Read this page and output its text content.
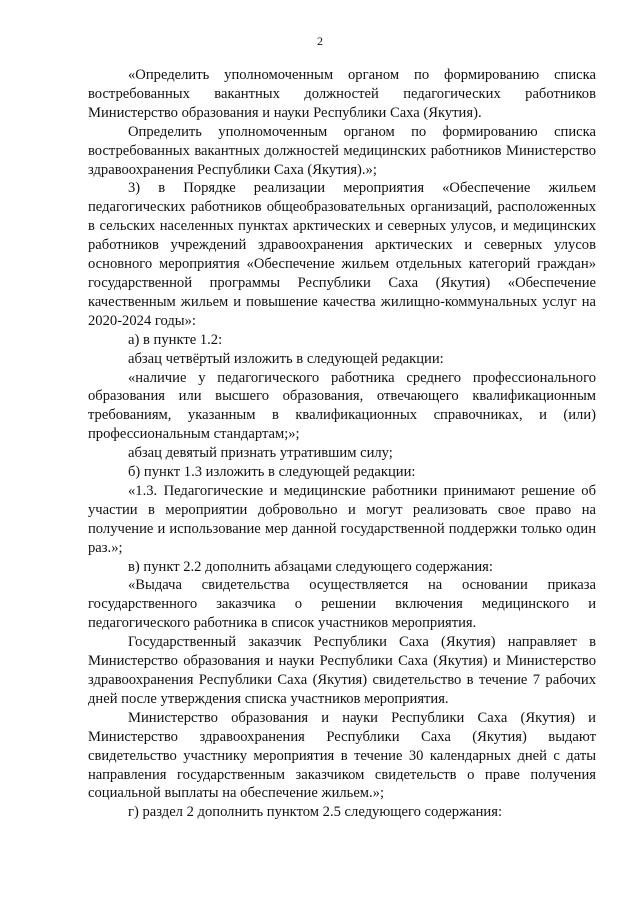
2

«Определить уполномоченным органом по формированию списка востребованных вакантных должностей педагогических работников Министерство образования и науки Республики Саха (Якутия).

Определить уполномоченным органом по формированию списка востребованных вакантных должностей медицинских работников Министерство здравоохранения Республики Саха (Якутия).»;

3) в Порядке реализации мероприятия «Обеспечение жильем педагогических работников общеобразовательных организаций, расположенных в сельских населенных пунктах арктических и северных улусов, и медицинских работников учреждений здравоохранения арктических и северных улусов основного мероприятия «Обеспечение жильем отдельных категорий граждан» государственной программы Республики Саха (Якутия) «Обеспечение качественным жильем и повышение качества жилищно-коммунальных услуг на 2020-2024 годы»:

а) в пункте 1.2:

абзац четвёртый изложить в следующей редакции:

«наличие у педагогического работника среднего профессионального образования или высшего образования, отвечающего квалификационным требованиям, указанным в квалификационных справочниках, и (или) профессиональным стандартам;»;

абзац девятый признать утратившим силу;

б) пункт 1.3 изложить в следующей редакции:

«1.3. Педагогические и медицинские работники принимают решение об участии в мероприятии добровольно и могут реализовать свое право на получение и использование мер данной государственной поддержки только один раз.»;

в) пункт 2.2 дополнить абзацами следующего содержания:

«Выдача свидетельства осуществляется на основании приказа государственного заказчика о решении включения медицинского и педагогического работника в список участников мероприятия.

Государственный заказчик Республики Саха (Якутия) направляет в Министерство образования и науки Республики Саха (Якутия) и Министерство здравоохранения Республики Саха (Якутия) свидетельство в течение 7 рабочих дней после утверждения списка участников мероприятия.

Министерство образования и науки Республики Саха (Якутия) и Министерство здравоохранения Республики Саха (Якутия) выдают свидетельство участнику мероприятия в течение 30 календарных дней с даты направления государственным заказчиком свидетельств о праве получения социальной выплаты на обеспечение жильем.»;

г) раздел 2 дополнить пунктом 2.5 следующего содержания:
